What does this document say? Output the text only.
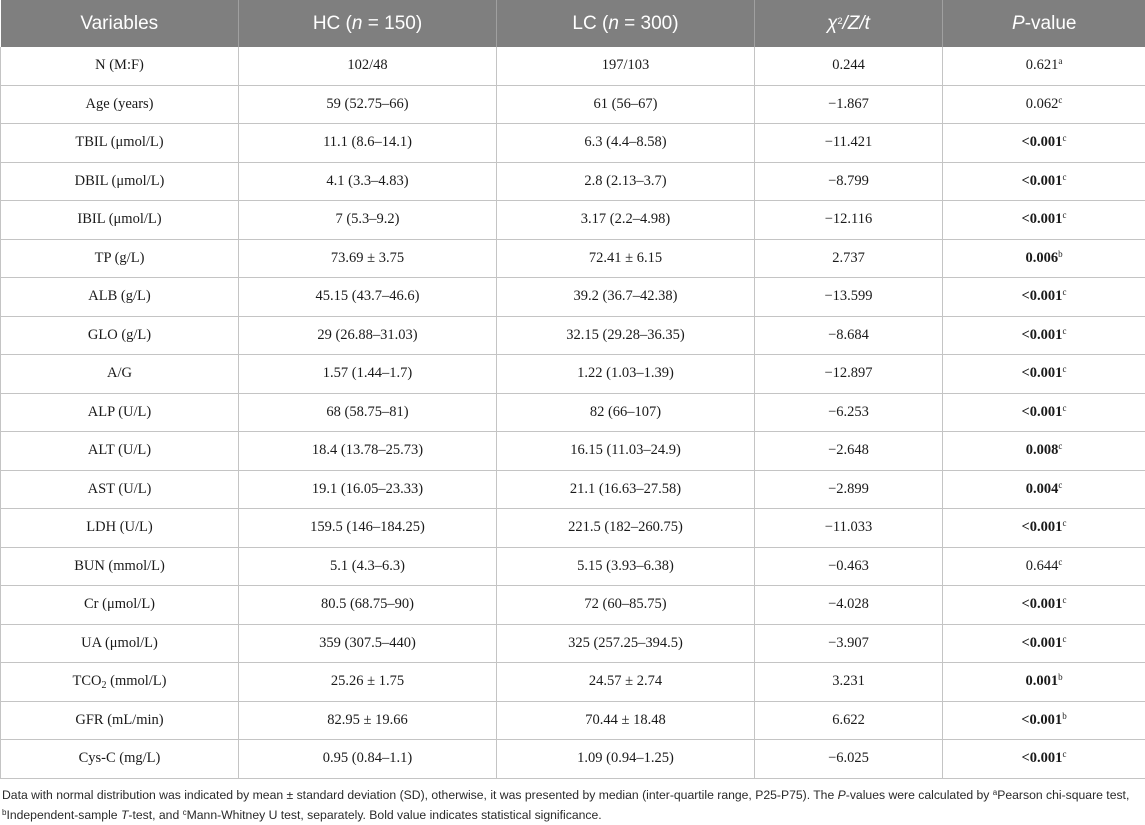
Variables	HC (n = 150)	LC (n = 300)	$\chi^2/Z/t$	P-value
N (M:F)	102/48	197/103	0.244	0.621$^a$
Age (years)	59 (52.75–66)	61 (56–67)	−1.867	0.062$^c$
TBIL (μmol/L)	11.1 (8.6–14.1)	6.3 (4.4–8.58)	−11.421	<0.001$^c$
DBIL (μmol/L)	4.1 (3.3–4.83)	2.8 (2.13–3.7)	−8.799	<0.001$^c$
IBIL (μmol/L)	7 (5.3–9.2)	3.17 (2.2–4.98)	−12.116	<0.001$^c$
TP (g/L)	73.69 ± 3.75	72.41 ± 6.15	2.737	0.006$^b$
ALB (g/L)	45.15 (43.7–46.6)	39.2 (36.7–42.38)	−13.599	<0.001$^c$
GLO (g/L)	29 (26.88–31.03)	32.15 (29.28–36.35)	−8.684	<0.001$^c$
A/G	1.57 (1.44–1.7)	1.22 (1.03–1.39)	−12.897	<0.001$^c$
ALP (U/L)	68 (58.75–81)	82 (66–107)	−6.253	<0.001$^c$
ALT (U/L)	18.4 (13.78–25.73)	16.15 (11.03–24.9)	−2.648	0.008$^c$
AST (U/L)	19.1 (16.05–23.33)	21.1 (16.63–27.58)	−2.899	0.004$^c$
LDH (U/L)	159.5 (146–184.25)	221.5 (182–260.75)	−11.033	<0.001$^c$
BUN (mmol/L)	5.1 (4.3–6.3)	5.15 (3.93–6.38)	−0.463	0.644$^c$
Cr (μmol/L)	80.5 (68.75–90)	72 (60–85.75)	−4.028	<0.001$^c$
UA (μmol/L)	359 (307.5–440)	325 (257.25–394.5)	−3.907	<0.001$^c$
$TCO_2$ (mmol/L)	25.26 ± 1.75	24.57 ± 2.74	3.231	0.001$^b$
GFR (mL/min)	82.95 ± 19.66	70.44 ± 18.48	6.622	<0.001$^b$
Cys-C (mg/L)	0.95 (0.84–1.1)	1.09 (0.94–1.25)	−6.025	<0.001$^c$
Data with normal distribution was indicated by mean ± standard deviation (SD), otherwise, it was presented by median (inter-quartile range, P25-P75). The P-values were calculated by $^a$Pearson chi-square test, $^b$Independent-sample T-test, and $^c$Mann-Whitney U test, separately. Bold value indicates statistical significance.
